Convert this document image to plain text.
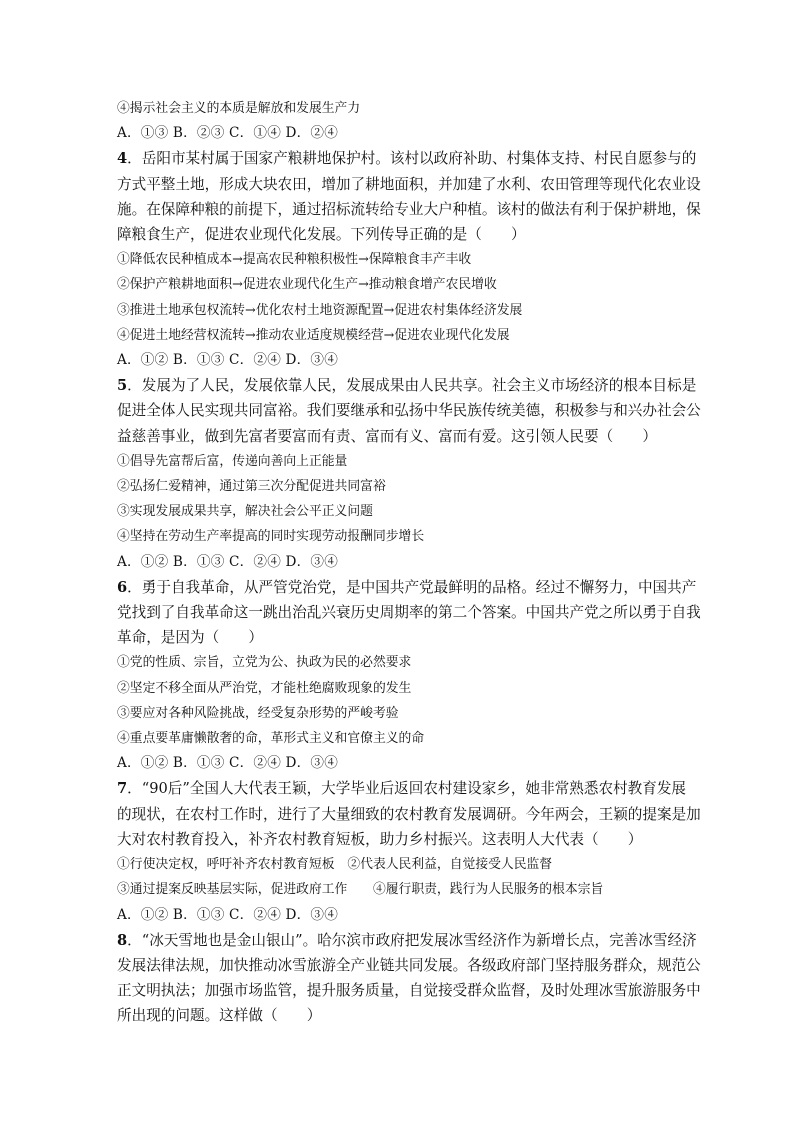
④揭示社会主义的本质是解放和发展生产力
A．①③ B．②③ C．①④ D．②④
4．岳阳市某村属于国家产粮耕地保护村。该村以政府补助、村集体支持、村民自愿参与的
方式平整土地，形成大块农田，增加了耕地面积，并加建了水利、农田管理等现代化农业设
施。在保障种粮的前提下，通过招标流转给专业大户种植。该村的做法有利于保护耕地，保
障粮食生产，促进农业现代化发展。下列传导正确的是（　　）
①降低农民种植成本→提高农民种粮积极性→保障粮食丰产丰收
②保护产粮耕地面积→促进农业现代化生产→推动粮食增产农民增收
③推进土地承包权流转→优化农村土地资源配置→促进农村集体经济发展
④促进土地经营权流转→推动农业适度规模经营→促进农业现代化发展
A．①② B．①③ C．②④ D．③④
5．发展为了人民，发展依靠人民，发展成果由人民共享。社会主义市场经济的根本目标是
促进全体人民实现共同富裕。我们要继承和弘扬中华民族传统美德，积极参与和兴办社会公
益慈善事业，做到先富者要富而有责、富而有义、富而有爱。这引领人民要（　　）
①倡导先富帮后富，传递向善向上正能量
②弘扬仁爱精神，通过第三次分配促进共同富裕
③实现发展成果共享，解决社会公平正义问题
④坚持在劳动生产率提高的同时实现劳动报酬同步增长
A．①② B．①③ C．②④ D．③④
6．勇于自我革命，从严管党治党，是中国共产党最鲜明的品格。经过不懈努力，中国共产
党找到了自我革命这一跳出治乱兴衰历史周期率的第二个答案。中国共产党之所以勇于自我
革命，是因为（　　）
①党的性质、宗旨，立党为公、执政为民的必然要求
②坚定不移全面从严治党，才能杜绝腐败现象的发生
③要应对各种风险挑战，经受复杂形势的严峻考验
④重点要革庸懒散奢的命，革形式主义和官僚主义的命
A．①② B．①③ C．②④ D．③④
7．“90后”全国人大代表王颖，大学毕业后返回农村建设家乡，她非常熟悉农村教育发展
的现状，在农村工作时，进行了大量细致的农村教育发展调研。今年两会，王颖的提案是加
大对农村教育投入，补齐农村教育短板，助力乡村振兴。这表明人大代表（　　）
①行使决定权，呼吁补齐农村教育短板　②代表人民利益，自觉接受人民监督
③通过提案反映基层实际，促进政府工作　　④履行职责，践行为人民服务的根本宗旨
A．①② B．①③ C．②④ D．③④
8．“冰天雪地也是金山银山”。哈尔滨市政府把发展冰雪经济作为新增长点，完善冰雪经济
发展法律法规，加快推动冰雪旅游全产业链共同发展。各级政府部门坚持服务群众，规范公
正文明执法；加强市场监管，提升服务质量，自觉接受群众监督，及时处理冰雪旅游服务中
所出现的问题。这样做（　　）
